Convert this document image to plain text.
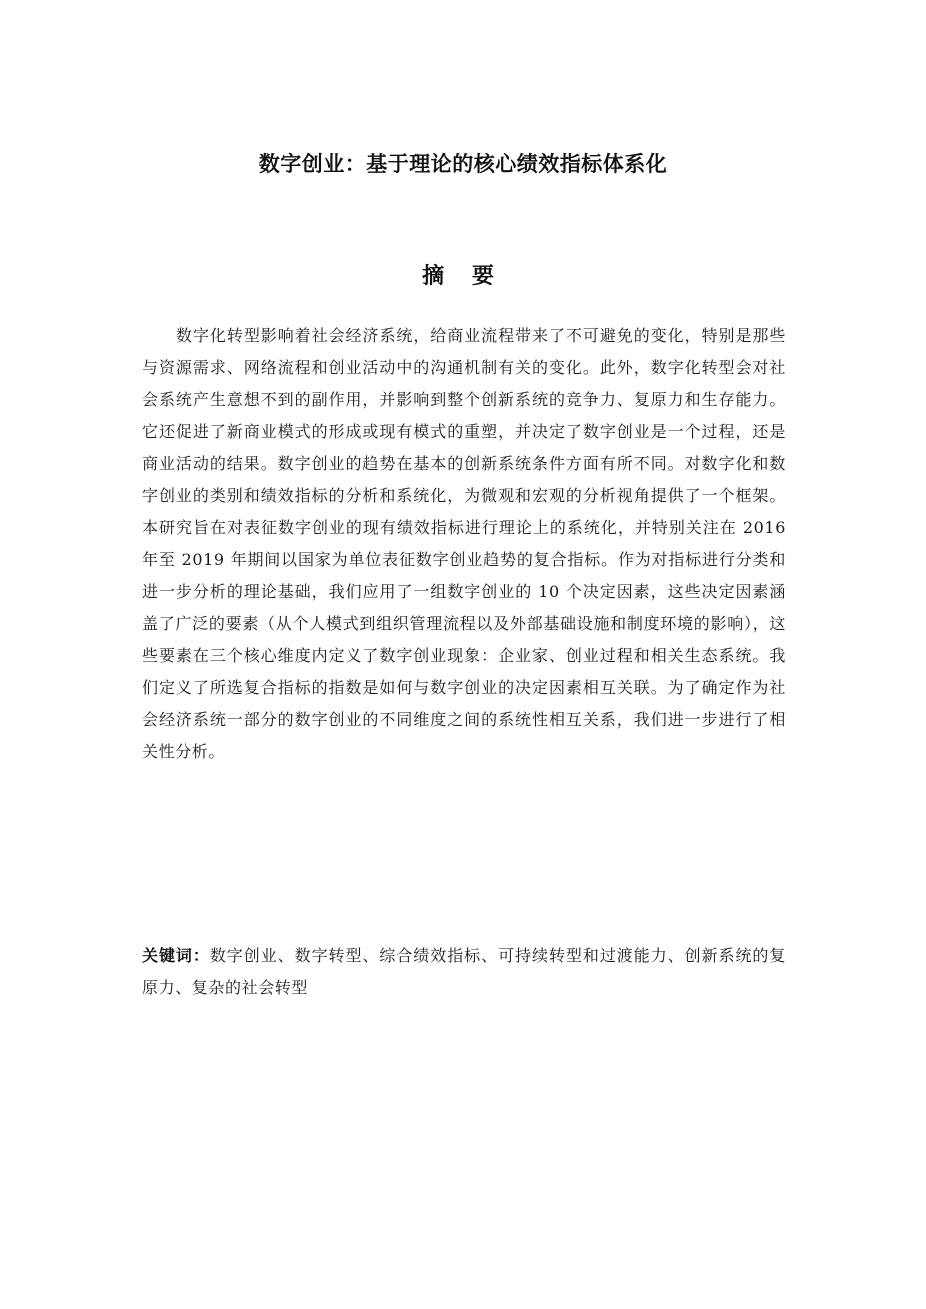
数字创业：基于理论的核心绩效指标体系化
摘 要

数字化转型影响着社会经济系统，给商业流程带来了不可避免的变化，特别是那些与资源需求、网络流程和创业活动中的沟通机制有关的变化。此外，数字化转型会对社会系统产生意想不到的副作用，并影响到整个创新系统的竞争力、复原力和生存能力。它还促进了新商业模式的形成或现有模式的重塑，并决定了数字创业是一个过程，还是商业活动的结果。数字创业的趋势在基本的创新系统条件方面有所不同。对数字化和数字创业的类别和绩效指标的分析和系统化，为微观和宏观的分析视角提供了一个框架。本研究旨在对表征数字创业的现有绩效指标进行理论上的系统化，并特别关注在 2016 年至 2019 年期间以国家为单位表征数字创业趋势的复合指标。作为对指标进行分类和进一步分析的理论基础，我们应用了一组数字创业的 10 个决定因素，这些决定因素涵盖了广泛的要素（从个人模式到组织管理流程以及外部基础设施和制度环境的影响），这些要素在三个核心维度内定义了数字创业现象：企业家、创业过程和相关生态系统。我们定义了所选复合指标的指数是如何与数字创业的决定因素相互关联。为了确定作为社会经济系统一部分的数字创业的不同维度之间的系统性相互关系，我们进一步进行了相关性分析。

关键词：数字创业、数字转型、综合绩效指标、可持续转型和过渡能力、创新系统的复原力、复杂的社会转型
